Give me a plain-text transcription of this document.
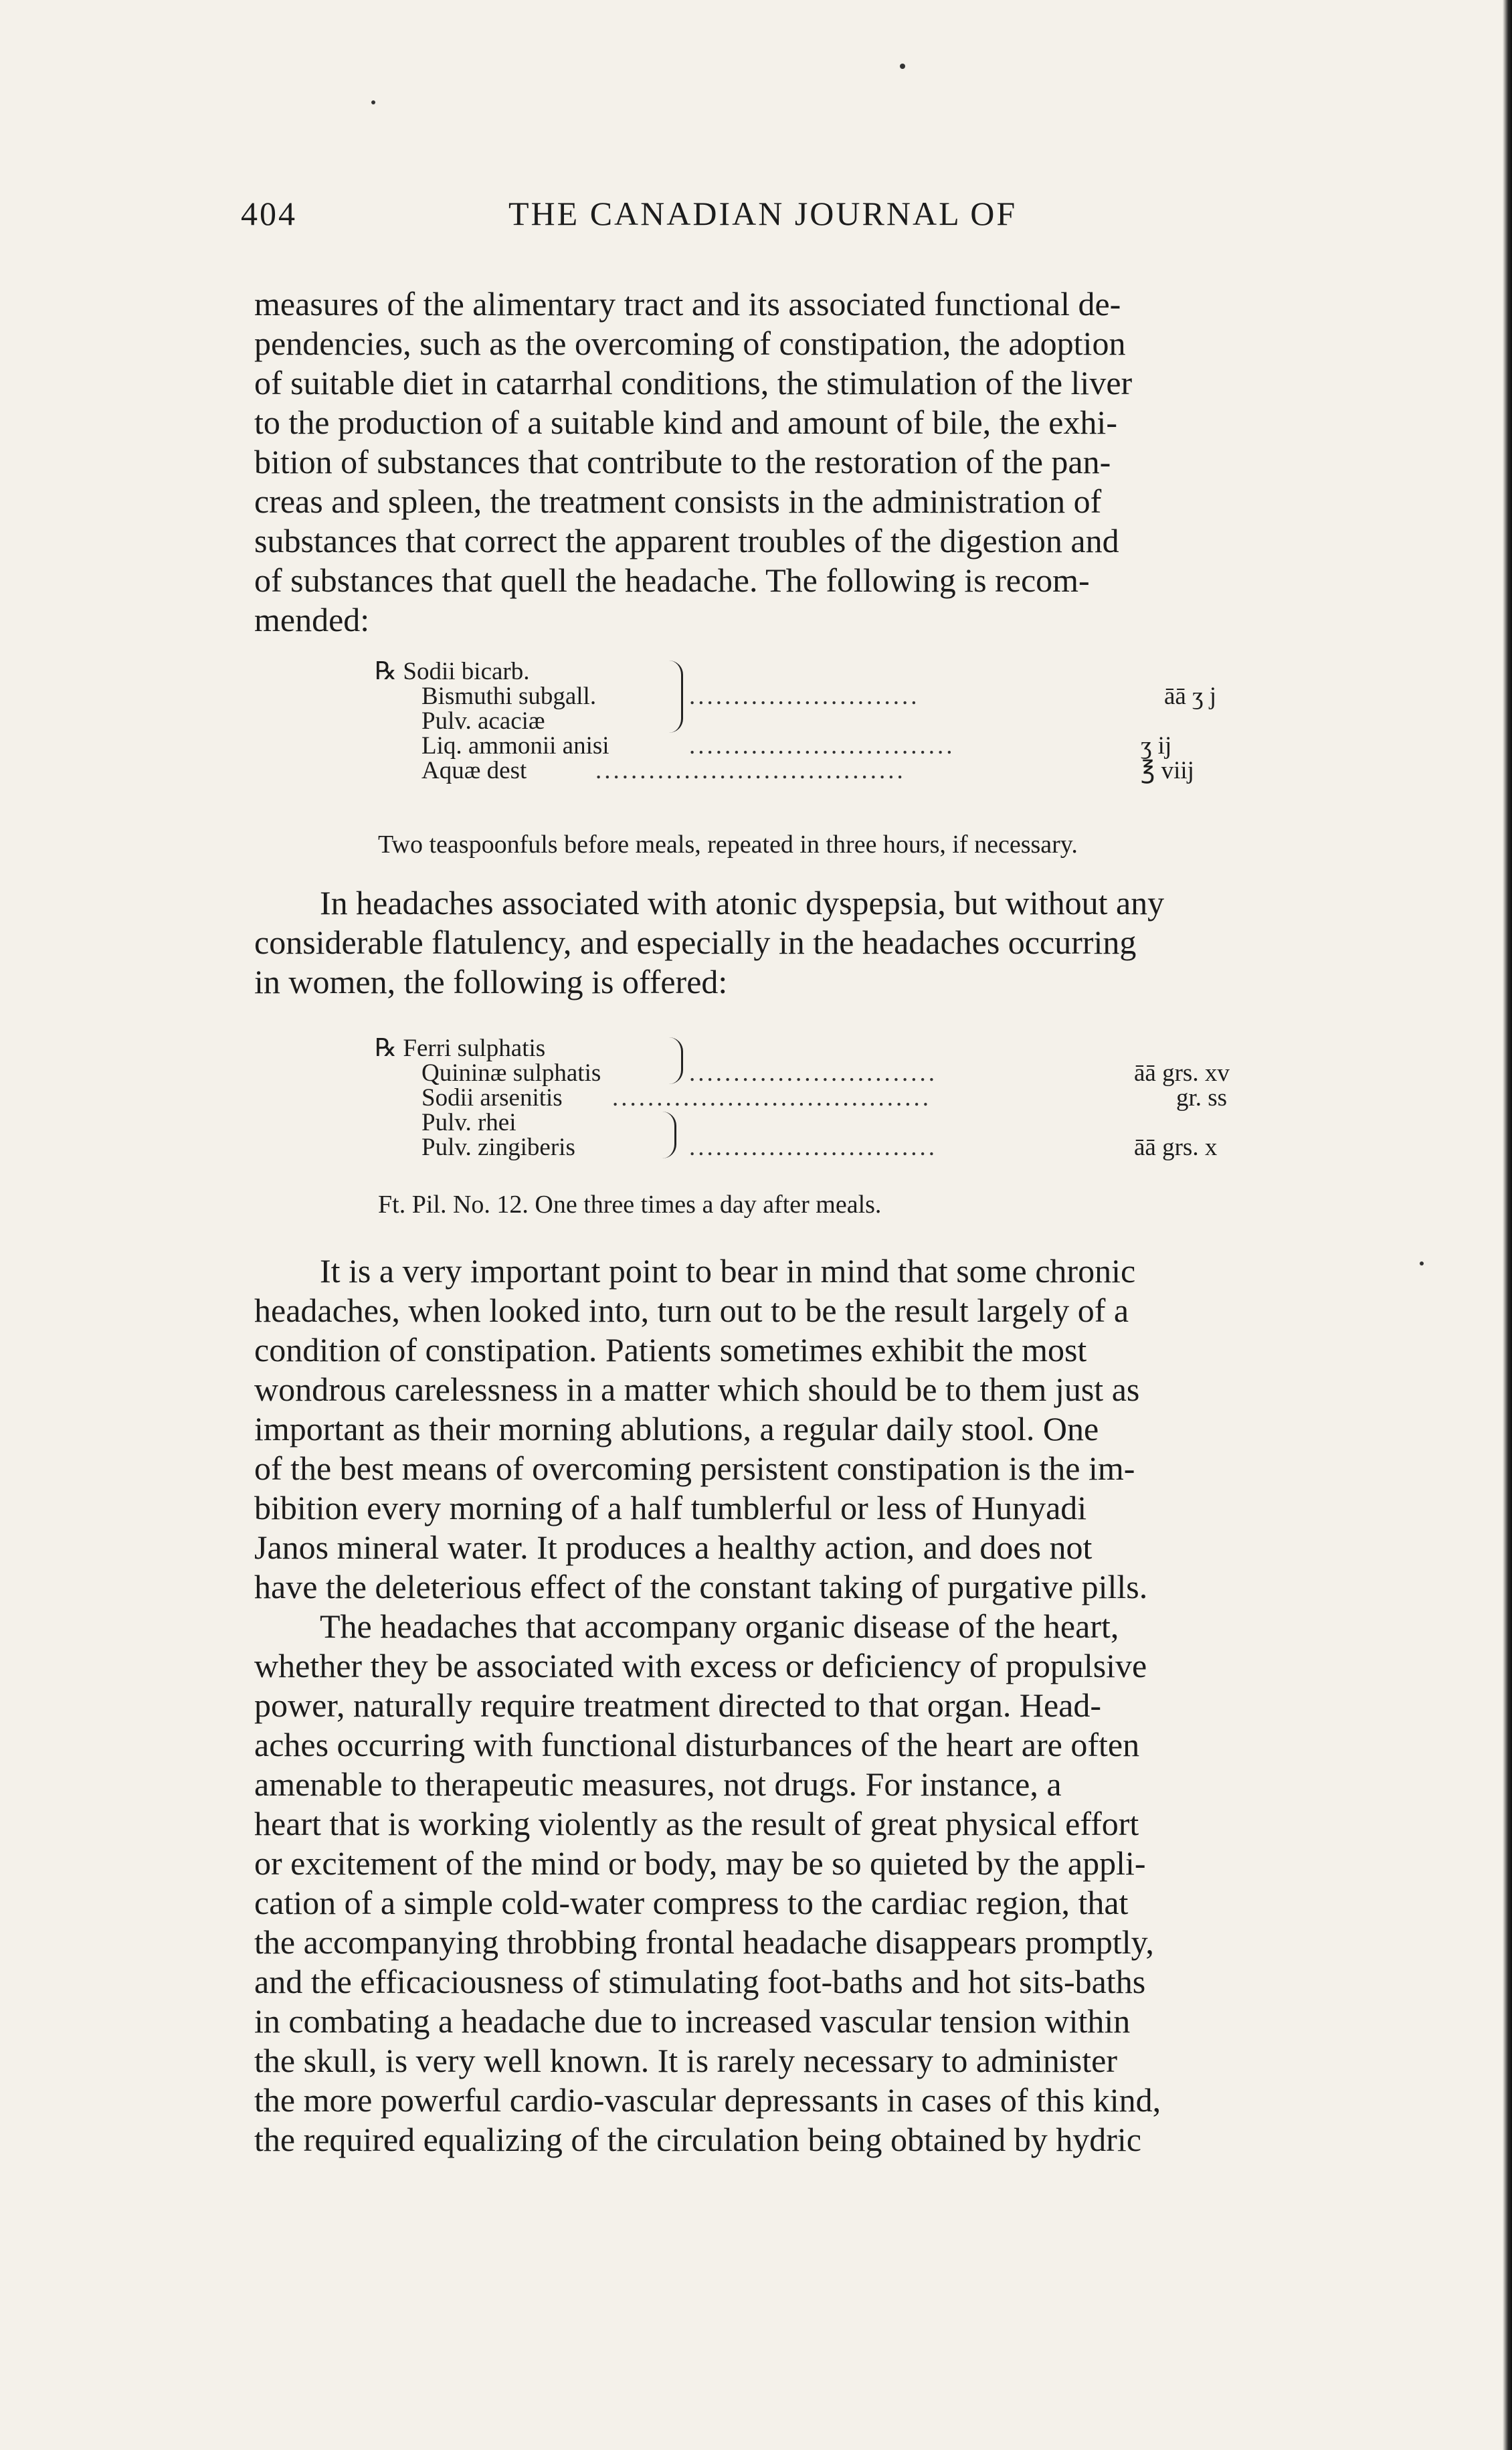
404	THE CANADIAN JOURNAL OF

measures of the alimentary tract and its associated functional de-

pendencies, such as the overcoming of constipation, the adoption

of suitable diet in catarrhal conditions, the stimulation of the liver

to the production of a suitable kind and amount of bile, the exhi-

bition of substances that contribute to the restoration of the pan-

creas and spleen, the treatment consists in the administration of

substances that correct the apparent troubles of the digestion and

of substances that quell the headache. The following is recom-

mended:

℞ Sodii bicarb.
Bismuthi subgall.	..........................	āā ʒ j
Pulv. acaciæ
Liq. ammonii anisi	..............................	ʒ ij
Aquæ dest	...................................	℥ viij
Two teaspoonfuls before meals, repeated in three hours, if necessary.

In headaches associated with atonic dyspepsia, but without any

considerable flatulency, and especially in the headaches occurring

in women, the following is offered:

℞ Ferri sulphatis
Quininæ sulphatis	............................	āā grs. xv
Sodii arsenitis ....................................	gr. ss
Pulv. rhei
Pulv. zingiberis	............................	āā grs. x
Ft. Pil. No. 12. One three times a day after meals.

It is a very important point to bear in mind that some chronic

headaches, when looked into, turn out to be the result largely of a

condition of constipation. Patients sometimes exhibit the most

wondrous carelessness in a matter which should be to them just as

important as their morning ablutions, a regular daily stool. One

of the best means of overcoming persistent constipation is the im-

bibition every morning of a half tumblerful or less of Hunyadi

Janos mineral water. It produces a healthy action, and does not

have the deleterious effect of the constant taking of purgative pills.

The headaches that accompany organic disease of the heart,

whether they be associated with excess or deficiency of propulsive

power, naturally require treatment directed to that organ. Head-

aches occurring with functional disturbances of the heart are often

amenable to therapeutic measures, not drugs. For instance, a

heart that is working violently as the result of great physical effort

or excitement of the mind or body, may be so quieted by the appli-

cation of a simple cold-water compress to the cardiac region, that

the accompanying throbbing frontal headache disappears promptly,

and the efficaciousness of stimulating foot-baths and hot sits-baths

in combating a headache due to increased vascular tension within

the skull, is very well known. It is rarely necessary to administer

the more powerful cardio-vascular depressants in cases of this kind,

the required equalizing of the circulation being obtained by hydric
